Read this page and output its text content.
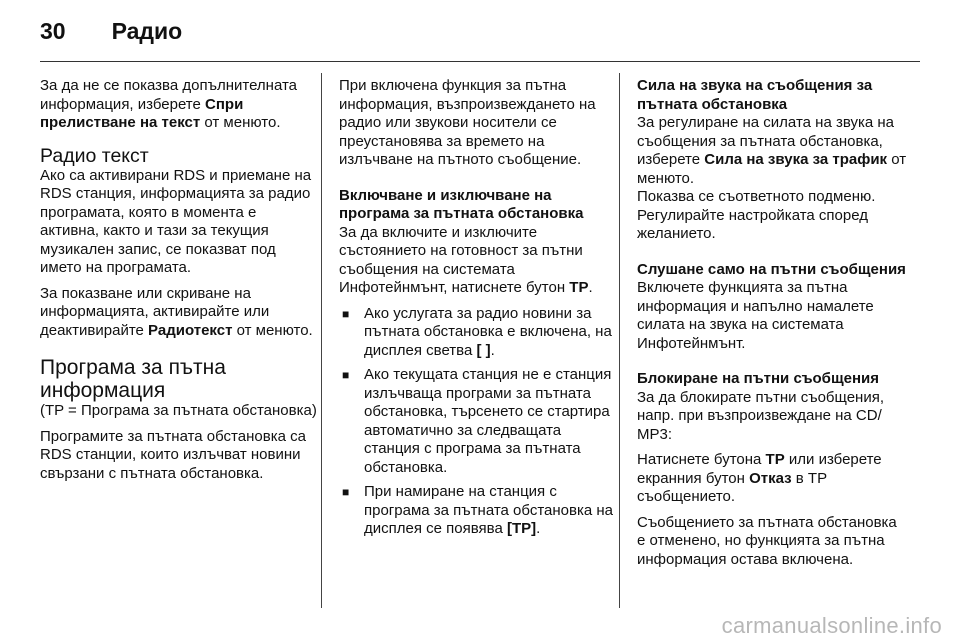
30 Радио

За да не се показва допълнителната информация, изберете Спри прелистване на текст от менюто.

Радио текст

Ако са активирани RDS и приемане на RDS станция, информацията за радио програмата, която в момента е активна, както и тази за текущия музикален запис, се показват под името на програмата.

За показване или скриване на информацията, активирайте или деактивирайте Радиотекст от менюто.

Програма за пътна информация

(TP = Програма за пътната обстановка)

Програмите за пътната обстановка са RDS станции, които излъчват новини свързани с пътната обстановка.

При включена функция за пътна информация, възпроизвеждането на радио или звукови носители се преустановява за времето на излъчване на пътното съобщение.

Включване и изключване на програма за пътната обстановка

За да включите и изключите състоянието на готовност за пътни съобщения на системата Инфотейнмънт, натиснете бутон TP.

■ Ако услугата за радио новини за пътната обстановка е включена, на дисплея светва [ ].
■ Ако текущата станция не е станция излъчваща програми за пътната обстановка, търсенето се стартира автоматично за следващата станция с програма за пътната обстановка.
■ При намиране на станция с програма за пътната обстановка на дисплея се появява [TP].
Сила на звука на съобщения за пътната обстановка

За регулиране на силата на звука на съобщения за пътната обстановка, изберете Сила на звука за трафик от менюто.

Показва се съответното подменю. Регулирайте настройката според желанието.

Слушане само на пътни съобщения

Включете функцията за пътна информация и напълно намалете силата на звука на системата Инфотейнмънт.

Блокиране на пътни съобщения

За да блокирате пътни съобщения, напр. при възпроизвеждане на CD/ MP3:

Натиснете бутона TP или изберете екранния бутон Отказ в TP съобщението.

Съобщението за пътната обстановка е отменено, но функцията за пътна информация остава включена.

carmanualsonline.info
